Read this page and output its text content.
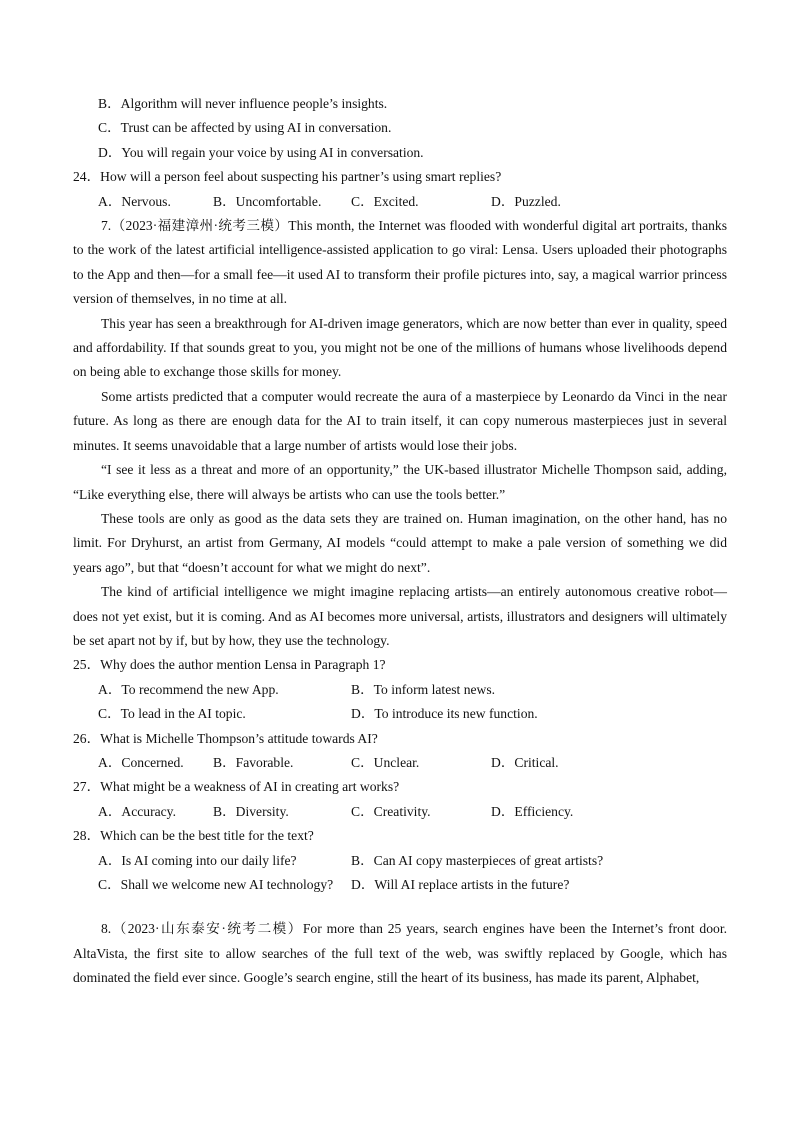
B．Algorithm will never influence people’s insights.
C．Trust can be affected by using AI in conversation.
D．You will regain your voice by using AI in conversation.
24．How will a person feel about suspecting his partner’s using smart replies?
A．Nervous.	B．Uncomfortable.	C．Excited.	D．Puzzled.

7.（2023·福建漳州·统考三模）This month, the Internet was flooded with wonderful digital art portraits, thanks to the work of the latest artificial intelligence-assisted application to go viral: Lensa. Users uploaded their photographs to the App and then—for a small fee—it used AI to transform their profile pictures into, say, a magical warrior princess version of themselves, in no time at all.

This year has seen a breakthrough for AI-driven image generators, which are now better than ever in quality, speed and affordability. If that sounds great to you, you might not be one of the millions of humans whose livelihoods depend on being able to exchange those skills for money.

Some artists predicted that a computer would recreate the aura of a masterpiece by Leonardo da Vinci in the near future. As long as there are enough data for the AI to train itself, it can copy numerous masterpieces just in several minutes. It seems unavoidable that a large number of artists would lose their jobs.

“I see it less as a threat and more of an opportunity,” the UK-based illustrator Michelle Thompson said, adding, “Like everything else, there will always be artists who can use the tools better.”

These tools are only as good as the data sets they are trained on. Human imagination, on the other hand, has no limit. For Dryhurst, an artist from Germany, AI models “could attempt to make a pale version of something we did years ago”, but that “doesn’t account for what we might do next”.

The kind of artificial intelligence we might imagine replacing artists—an entirely autonomous creative robot—does not yet exist, but it is coming. And as AI becomes more universal, artists, illustrators and designers will ultimately be set apart not by if, but by how, they use the technology.

25．Why does the author mention Lensa in Paragraph 1?
A．To recommend the new App.	B．To inform latest news.
C．To lead in the AI topic.	D．To introduce its new function.
26．What is Michelle Thompson’s attitude towards AI?
A．Concerned.	B．Favorable.	C．Unclear.	D．Critical.
27．What might be a weakness of AI in creating art works?
A．Accuracy.	B．Diversity.	C．Creativity.	D．Efficiency.
28．Which can be the best title for the text?
A．Is AI coming into our daily life?	B．Can AI copy masterpieces of great artists?
C．Shall we welcome new AI technology?	D．Will AI replace artists in the future?

8.（2023·山东泰安·统考二模）For more than 25 years, search engines have been the Internet’s front door. AltaVista, the first site to allow searches of the full text of the web, was swiftly replaced by Google, which has dominated the field ever since. Google’s search engine, still the heart of its business, has made its parent, Alphabet,
